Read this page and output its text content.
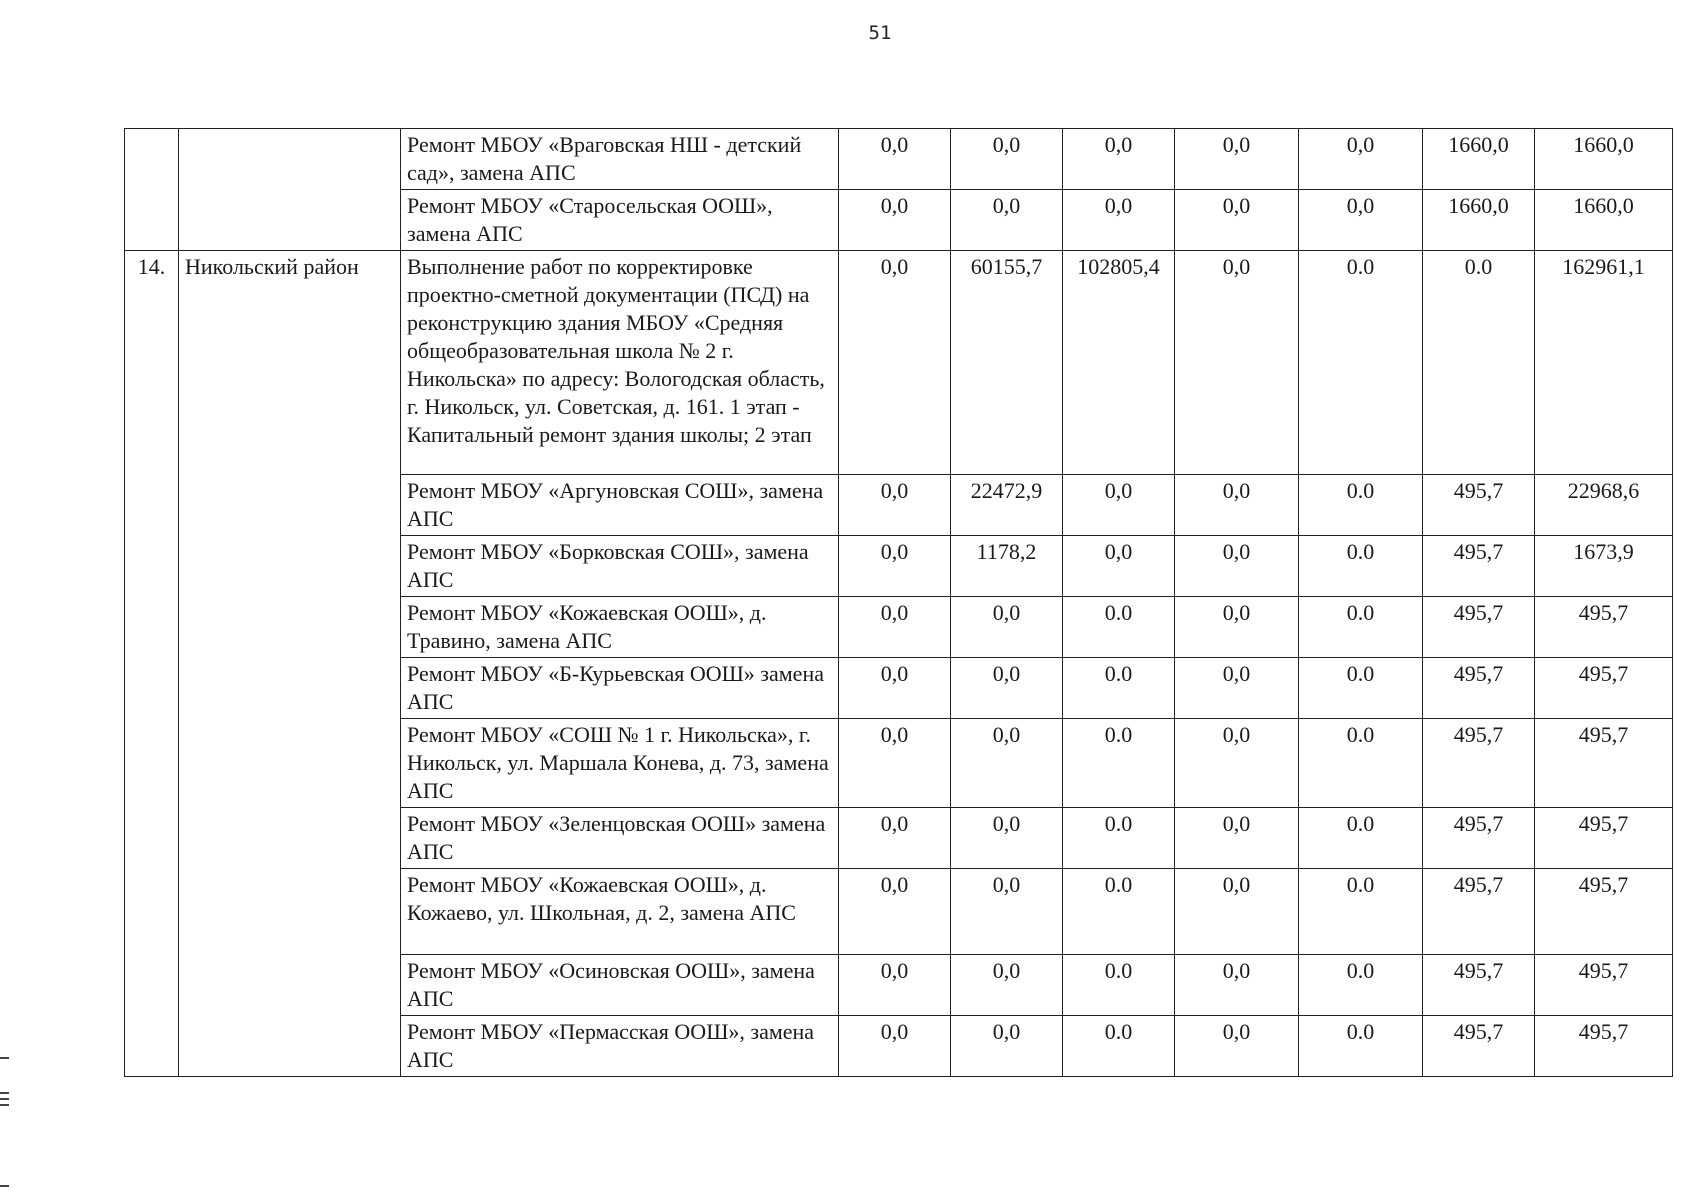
51
		Ремонт МБОУ «Враговская НШ - детский сад», замена АПС	0,0	0,0	0,0	0,0	0,0	1660,0	1660,0
		Ремонт МБОУ «Старосельская ООШ», замена АПС	0,0	0,0	0,0	0,0	0,0	1660,0	1660,0
14.	Никольский район	Выполнение работ по корректировке проектно-сметной документации (ПСД) на реконструкцию здания МБОУ «Средняя общеобразовательная школа № 2 г. Никольска» по адресу: Вологодская область, г. Никольск, ул. Советская, д. 161. 1 этап - Капитальный ремонт здания школы; 2 этап	0,0	60155,7	102805,4	0,0	0.0	0.0	162961,1
		Ремонт МБОУ «Аргуновская СОШ», замена АПС	0,0	22472,9	0,0	0,0	0.0	495,7	22968,6
		Ремонт МБОУ «Борковская СОШ», замена АПС	0,0	1178,2	0,0	0,0	0.0	495,7	1673,9
		Ремонт МБОУ «Кожаевская ООШ», д. Травино, замена АПС	0,0	0,0	0.0	0,0	0.0	495,7	495,7
		Ремонт МБОУ «Б-Курьевская ООШ» замена АПС	0,0	0,0	0.0	0,0	0.0	495,7	495,7
		Ремонт МБОУ «СОШ № 1 г. Никольска», г. Никольск, ул. Маршала Конева, д. 73, замена АПС	0,0	0,0	0.0	0,0	0.0	495,7	495,7
		Ремонт МБОУ «Зеленцовская ООШ» замена АПС	0,0	0,0	0.0	0,0	0.0	495,7	495,7
		Ремонт МБОУ «Кожаевская ООШ», д. Кожаево, ул. Школьная, д. 2, замена АПС	0,0	0,0	0.0	0,0	0.0	495,7	495,7
		Ремонт МБОУ «Осиновская ООШ», замена АПС	0,0	0,0	0.0	0,0	0.0	495,7	495,7
		Ремонт МБОУ «Пермасская ООШ», замена АПС	0,0	0,0	0.0	0,0	0.0	495,7	495,7
